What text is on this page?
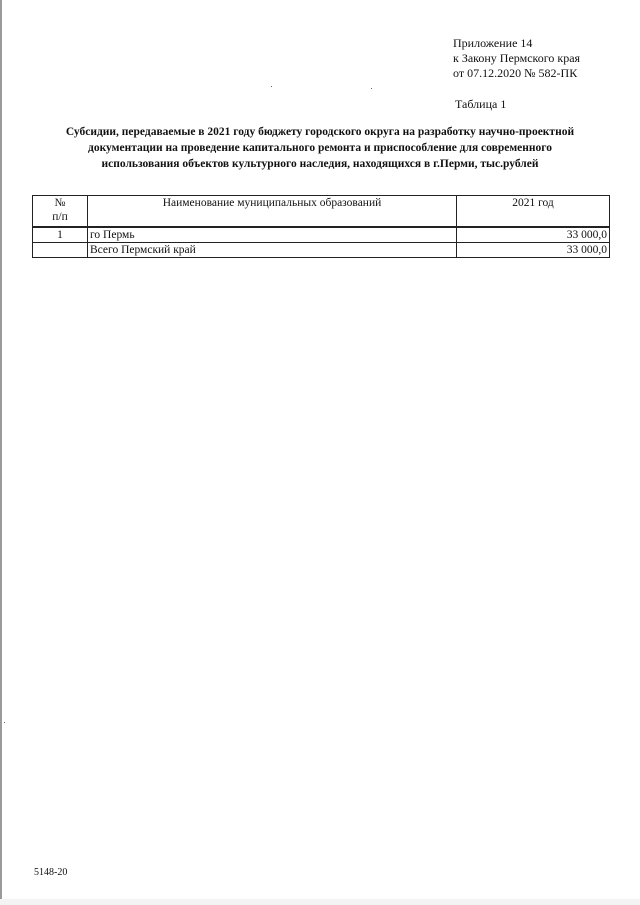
Приложение 14
к Закону Пермского края
от 07.12.2020 № 582-ПК
Таблица 1
Субсидии, передаваемые в 2021 году бюджету городского округа на разработку научно-проектной
документации на проведение капитального ремонта и приспособление для современного
использования объектов культурного наследия, находящихся в г.Перми, тыс.рублей
№
п/п	Наименование муниципальных образований	2021 год
1	го Пермь	33 000,0
	Всего Пермский край	33 000,0
5148-20
